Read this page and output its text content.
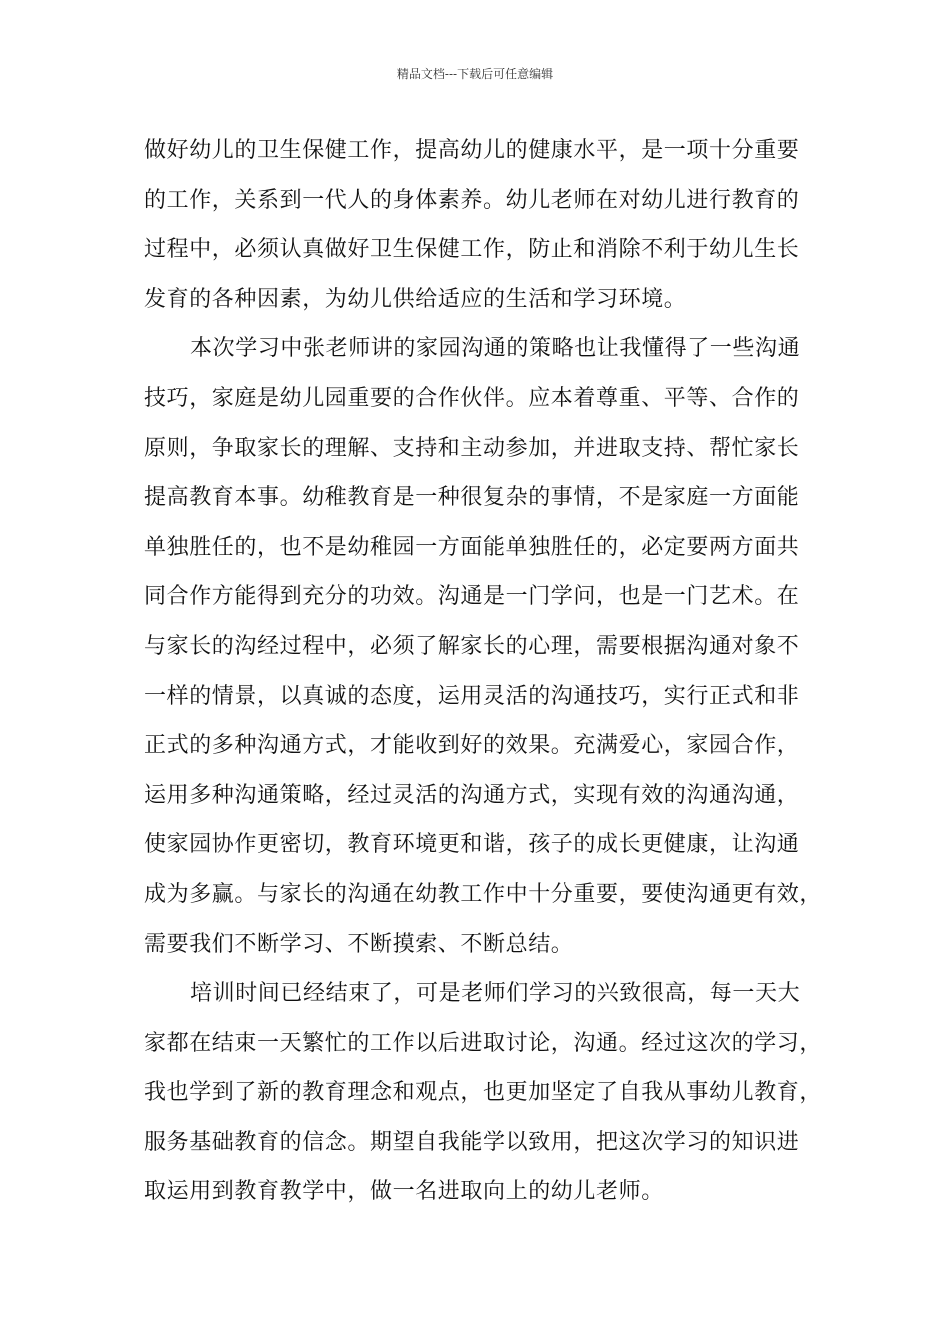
精品文档---下载后可任意编辑
做好幼儿的卫生保健工作，提高幼儿的健康水平，是一项十分重要
的工作，关系到一代人的身体素养。幼儿老师在对幼儿进行教育的
过程中，必须认真做好卫生保健工作，防止和消除不利于幼儿生长
发育的各种因素，为幼儿供给适应的生活和学习环境。
本次学习中张老师讲的家园沟通的策略也让我懂得了一些沟通
技巧，家庭是幼儿园重要的合作伙伴。应本着尊重、平等、合作的
原则，争取家长的理解、支持和主动参加，并进取支持、帮忙家长
提高教育本事。幼稚教育是一种很复杂的事情，不是家庭一方面能
单独胜任的，也不是幼稚园一方面能单独胜任的，必定要两方面共
同合作方能得到充分的功效。沟通是一门学问，也是一门艺术。在
与家长的沟经过程中，必须了解家长的心理，需要根据沟通对象不
一样的情景，以真诚的态度，运用灵活的沟通技巧，实行正式和非
正式的多种沟通方式，才能收到好的效果。充满爱心，家园合作，
运用多种沟通策略，经过灵活的沟通方式，实现有效的沟通沟通，
使家园协作更密切，教育环境更和谐，孩子的成长更健康，让沟通
成为多赢。与家长的沟通在幼教工作中十分重要，要使沟通更有效，
需要我们不断学习、不断摸索、不断总结。
培训时间已经结束了，可是老师们学习的兴致很高，每一天大
家都在结束一天繁忙的工作以后进取讨论，沟通。经过这次的学习，
我也学到了新的教育理念和观点，也更加坚定了自我从事幼儿教育，
服务基础教育的信念。期望自我能学以致用，把这次学习的知识进
取运用到教育教学中，做一名进取向上的幼儿老师。
